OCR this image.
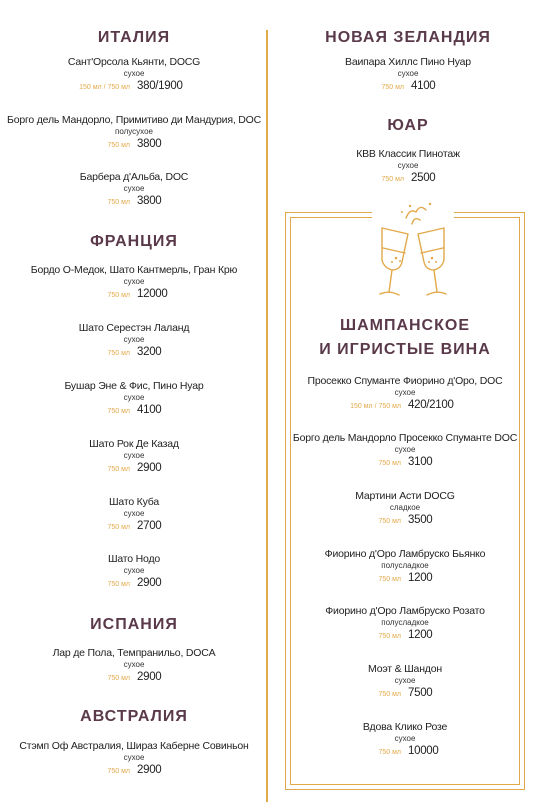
ИТАЛИЯ
Сант'Орсола Кьянти, DOCG
сухое
150 мл / 750 мл 380/1900
Борго дель Мандорло, Примитиво ди Мандурия, DOC
полусухое
750 мл 3800
Барбера д'Альба, DOC
сухое
750 мл 3800
ФРАНЦИЯ
Бордо О-Медок, Шато Кантмерль, Гран Крю
сухое
750 мл 12000
Шато Серестэн Лаланд
сухое
750 мл 3200
Бушар Эне & Фис, Пино Нуар
сухое
750 мл 4100
Шато Рок Де Казад
сухое
750 мл 2900
Шато Куба
сухое
750 мл 2700
Шато Нодо
сухое
750 мл 2900
ИСПАНИЯ
Лар де Пола, Темпранильо, DOCA
сухое
750 мл 2900
АВСТРАЛИЯ
Стэмп Оф Австралия, Шираз Каберне Совиньон
сухое
750 мл 2900
НОВАЯ ЗЕЛАНДИЯ
Ваипара Хиллс Пино Нуар
сухое
750 мл 4100
ЮАР
КВВ Классик Пинотаж
сухое
750 мл 2500
ШАМПАНСКОЕ
И ИГРИСТЫЕ ВИНА
Просекко Спуманте Фиорино д'Оро, DOC
сухое
150 мл / 750 мл 420/2100
Борго дель Мандорло Просекко Спуманте DOC
сухое
750 мл 3100
Мартини Асти DOCG
сладкое
750 мл 3500
Фиорино д'Оро Ламбруско Бьянко
полусладкое
750 мл 1200
Фиорино д'Оро Ламбруско Розато
полусладкое
750 мл 1200
Моэт & Шандон
сухое
750 мл 7500
Вдова Клико Розе
сухое
750 мл 10000
